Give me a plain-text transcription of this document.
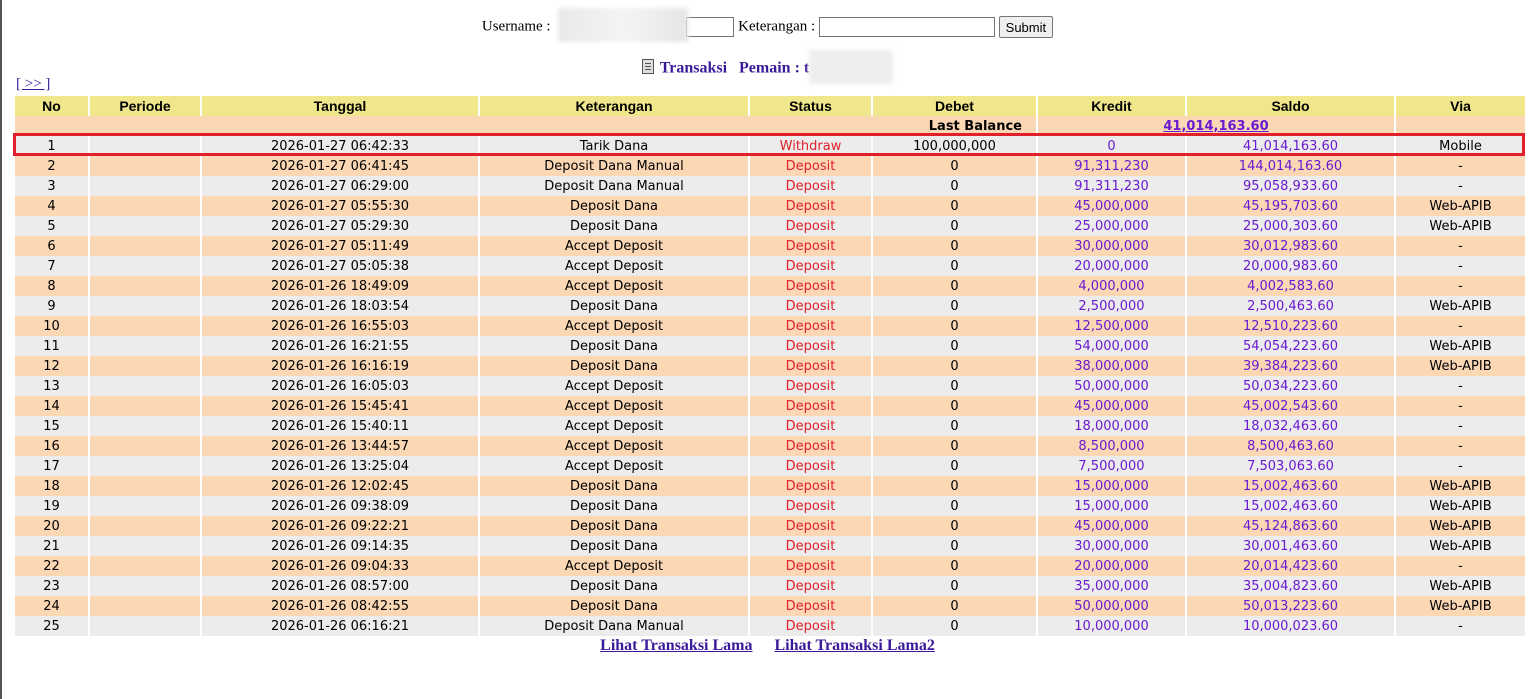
Username :	Keterangan :	Submit
Transaksi Pemain : t
[ >> ]
No	Periode	Tanggal	Keterangan	Status	Debet	Kredit	Saldo	Via
Last Balance						41,014,163.60		
1		2026-01-27 06:42:33	Tarik Dana	Withdraw	100,000,000	0	41,014,163.60	Mobile
2		2026-01-27 06:41:45	Deposit Dana Manual	Deposit	0	91,311,230	144,014,163.60	-
3		2026-01-27 06:29:00	Deposit Dana Manual	Deposit	0	91,311,230	95,058,933.60	-
4		2026-01-27 05:55:30	Deposit Dana	Deposit	0	45,000,000	45,195,703.60	Web-APIB
5		2026-01-27 05:29:30	Deposit Dana	Deposit	0	25,000,000	25,000,303.60	Web-APIB
6		2026-01-27 05:11:49	Accept Deposit	Deposit	0	30,000,000	30,012,983.60	-
7		2026-01-27 05:05:38	Accept Deposit	Deposit	0	20,000,000	20,000,983.60	-
8		2026-01-26 18:49:09	Accept Deposit	Deposit	0	4,000,000	4,002,583.60	-
9		2026-01-26 18:03:54	Deposit Dana	Deposit	0	2,500,000	2,500,463.60	Web-APIB
10		2026-01-26 16:55:03	Accept Deposit	Deposit	0	12,500,000	12,510,223.60	-
11		2026-01-26 16:21:55	Deposit Dana	Deposit	0	54,000,000	54,054,223.60	Web-APIB
12		2026-01-26 16:16:19	Deposit Dana	Deposit	0	38,000,000	39,384,223.60	Web-APIB
13		2026-01-26 16:05:03	Accept Deposit	Deposit	0	50,000,000	50,034,223.60	-
14		2026-01-26 15:45:41	Accept Deposit	Deposit	0	45,000,000	45,002,543.60	-
15		2026-01-26 15:40:11	Accept Deposit	Deposit	0	18,000,000	18,032,463.60	-
16		2026-01-26 13:44:57	Accept Deposit	Deposit	0	8,500,000	8,500,463.60	-
17		2026-01-26 13:25:04	Accept Deposit	Deposit	0	7,500,000	7,503,063.60	-
18		2026-01-26 12:02:45	Deposit Dana	Deposit	0	15,000,000	15,002,463.60	Web-APIB
19		2026-01-26 09:38:09	Deposit Dana	Deposit	0	15,000,000	15,002,463.60	Web-APIB
20		2026-01-26 09:22:21	Deposit Dana	Deposit	0	45,000,000	45,124,863.60	Web-APIB
21		2026-01-26 09:14:35	Deposit Dana	Deposit	0	30,000,000	30,001,463.60	Web-APIB
22		2026-01-26 09:04:33	Accept Deposit	Deposit	0	20,000,000	20,014,423.60	-
23		2026-01-26 08:57:00	Deposit Dana	Deposit	0	35,000,000	35,004,823.60	Web-APIB
24		2026-01-26 08:42:55	Deposit Dana	Deposit	0	50,000,000	50,013,223.60	Web-APIB
25		2026-01-26 06:16:21	Deposit Dana Manual	Deposit	0	10,000,000	10,000,023.60	-
Lihat Transaksi Lama Lihat Transaksi Lama2
